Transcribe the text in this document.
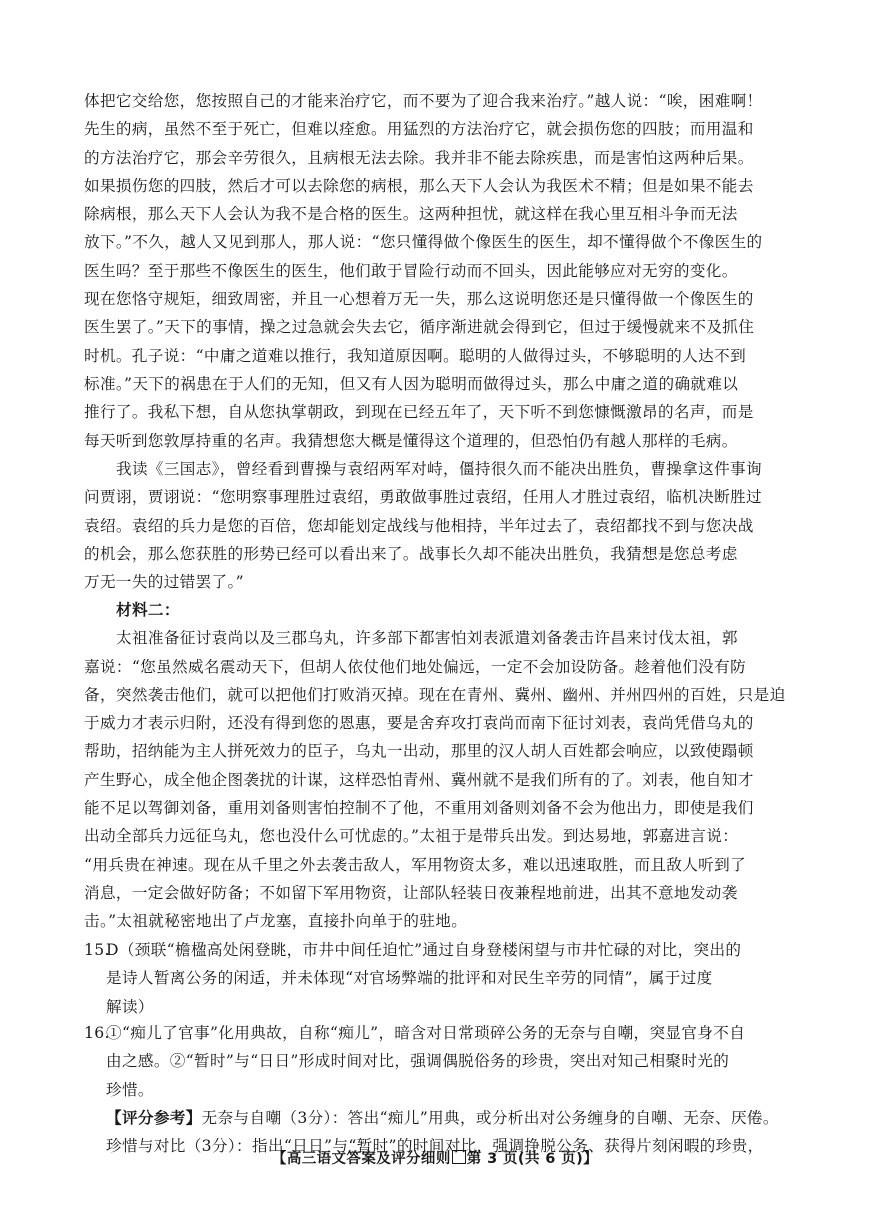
体把它交给您，您按照自己的才能来治疗它，而不要为了迎合我来治疗。”越人说：“唉，困难啊！
先生的病，虽然不至于死亡，但难以痊愈。用猛烈的方法治疗它，就会损伤您的四肢；而用温和
的方法治疗它，那会辛劳很久，且病根无法去除。我并非不能去除疾患，而是害怕这两种后果。
如果损伤您的四肢，然后才可以去除您的病根，那么天下人会认为我医术不精；但是如果不能去
除病根，那么天下人会认为我不是合格的医生。这两种担忧，就这样在我心里互相斗争而无法
放下。”不久，越人又见到那人，那人说：“您只懂得做个像医生的医生，却不懂得做个不像医生的
医生吗？至于那些不像医生的医生，他们敢于冒险行动而不回头，因此能够应对无穷的变化。
现在您恪守规矩，细致周密，并且一心想着万无一失，那么这说明您还是只懂得做一个像医生的
医生罢了。”天下的事情，操之过急就会失去它，循序渐进就会得到它，但过于缓慢就来不及抓住
时机。孔子说：“中庸之道难以推行，我知道原因啊。聪明的人做得过头，不够聪明的人达不到
标准。”天下的祸患在于人们的无知，但又有人因为聪明而做得过头，那么中庸之道的确就难以
推行了。我私下想，自从您执掌朝政，到现在已经五年了，天下听不到您慷慨激昂的名声，而是
每天听到您敦厚持重的名声。我猜想您大概是懂得这个道理的，但恐怕仍有越人那样的毛病。

我读《三国志》，曾经看到曹操与袁绍两军对峙，僵持很久而不能决出胜负，曹操拿这件事询
问贾诩，贾诩说：“您明察事理胜过袁绍，勇敢做事胜过袁绍，任用人才胜过袁绍，临机决断胜过
袁绍。袁绍的兵力是您的百倍，您却能划定战线与他相持，半年过去了，袁绍都找不到与您决战
的机会，那么您获胜的形势已经可以看出来了。战事长久却不能决出胜负，我猜想是您总考虑
万无一失的过错罢了。”

材料二：

太祖准备征讨袁尚以及三郡乌丸，许多部下都害怕刘表派遣刘备袭击许昌来讨伐太祖，郭
嘉说：“您虽然威名震动天下，但胡人依仗他们地处偏远，一定不会加设防备。趁着他们没有防
备，突然袭击他们，就可以把他们打败消灭掉。现在在青州、冀州、幽州、并州四州的百姓，只是迫
于威力才表示归附，还没有得到您的恩惠，要是舍弃攻打袁尚而南下征讨刘表，袁尚凭借乌丸的
帮助，招纳能为主人拼死效力的臣子，乌丸一出动，那里的汉人胡人百姓都会响应，以致使蹋顿
产生野心，成全他企图袭扰的计谋，这样恐怕青州、冀州就不是我们所有的了。刘表，他自知才
能不足以驾御刘备，重用刘备则害怕控制不了他，不重用刘备则刘备不会为他出力，即使是我们
出动全部兵力远征乌丸，您也没什么可忧虑的。”太祖于是带兵出发。到达易地，郭嘉进言说：
“用兵贵在神速。现在从千里之外去袭击敌人，军用物资太多，难以迅速取胜，而且敌人听到了
消息，一定会做好防备；不如留下军用物资，让部队轻装日夜兼程地前进，出其不意地发动袭
击。”太祖就秘密地出了卢龙塞，直接扑向单于的驻地。

15.
D（颈联“檐楹高处闲登眺，市井中间任迫忙”通过自身登楼闲望与市井忙碌的对比，突出的
是诗人暂离公务的闲适，并未体现“对官场弊端的批评和对民生辛劳的同情”，属于过度
解读）
16.
①“痴儿了官事”化用典故，自称“痴儿”，暗含对日常琐碎公务的无奈与自嘲，突显官身不自
由之感。②“暂时”与“日日”形成时间对比，强调偶脱俗务的珍贵，突出对知己相聚时光的
珍惜。
【评分参考】无奈与自嘲（3分）：答出“痴儿”用典，或分析出对公务缠身的自嘲、无奈、厌倦。
珍惜与对比（3分）：指出“日日”与“暂时”的时间对比，强调挣脱公务、获得片刻闲暇的珍贵，
【高三语文答案及评分细则 第 3 页(共 6 页)】
